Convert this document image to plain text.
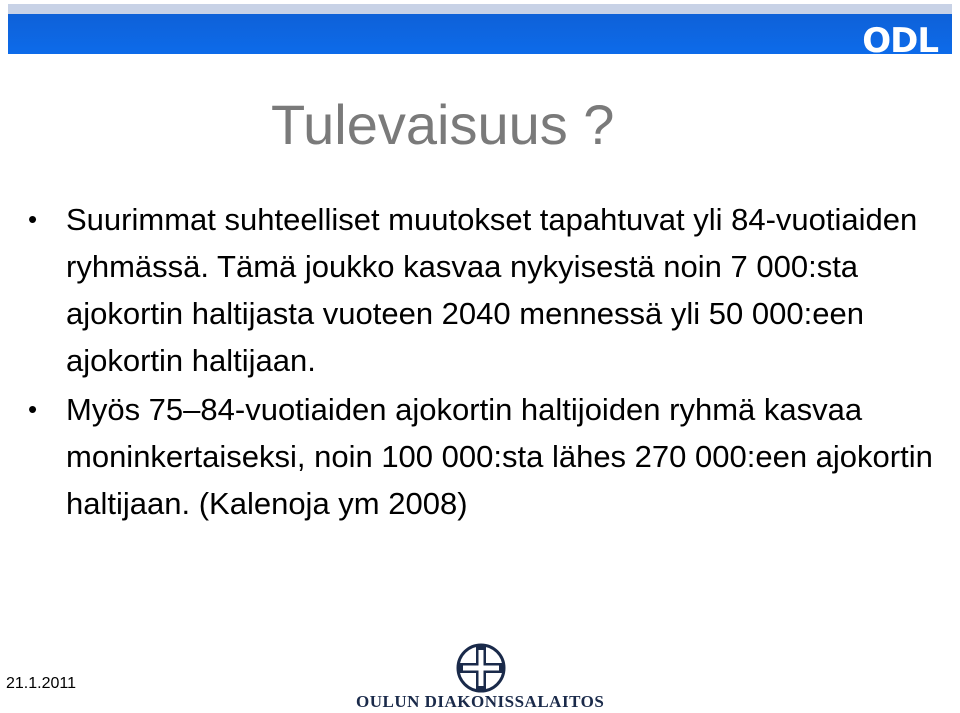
ODL
Tulevaisuus ?
• Suurimmat suhteelliset muutokset tapahtuvat yli 84-vuotiaiden ryhmässä. Tämä joukko kasvaa nykyisestä noin 7 000:sta ajokortin haltijasta vuoteen 2040 mennessä yli 50 000:een ajokortin haltijaan.
• Myös 75–84-vuotiaiden ajokortin haltijoiden ryhmä kasvaa moninkertaiseksi, noin 100 000:sta lähes 270 000:een ajokortin haltijaan. (Kalenoja ym 2008)
21.1.2011
OULUN DIAKONISSALAITOS
